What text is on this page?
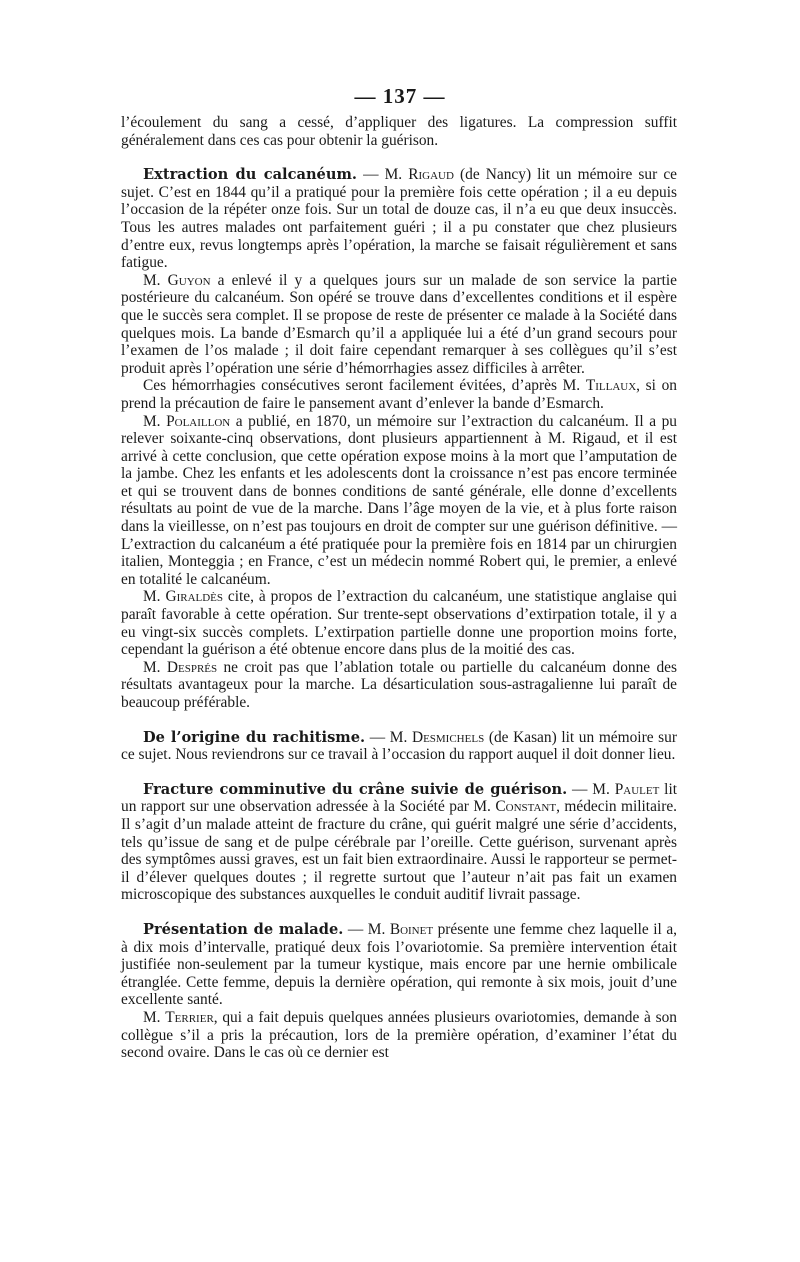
— 137 —

l’écoulement du sang a cessé, d’appliquer des ligatures. La compression suffit généralement dans ces cas pour obtenir la guérison.

Extraction du calcanéum. — M. Rigaud (de Nancy) lit un mémoire sur ce sujet. C’est en 1844 qu’il a pratiqué pour la première fois cette opération ; il a eu depuis l’occasion de la répéter onze fois. Sur un total de douze cas, il n’a eu que deux insuccès. Tous les autres malades ont parfaitement guéri ; il a pu constater que chez plusieurs d’entre eux, revus longtemps après l’opération, la marche se faisait régulièrement et sans fatigue.

M. Guyon a enlevé il y a quelques jours sur un malade de son service la partie postérieure du calcanéum. Son opéré se trouve dans d’excellentes conditions et il espère que le succès sera complet. Il se propose de reste de présenter ce malade à la Société dans quelques mois. La bande d’Esmarch qu’il a appliquée lui a été d’un grand secours pour l’examen de l’os malade ; il doit faire cependant remarquer à ses collègues qu’il s’est produit après l’opération une série d’hémorrhagies assez difficiles à arrêter.

Ces hémorrhagies consécutives seront facilement évitées, d’après M. Tillaux, si on prend la précaution de faire le pansement avant d’enlever la bande d’Esmarch.

M. Polaillon a publié, en 1870, un mémoire sur l’extraction du calcanéum. Il a pu relever soixante-cinq observations, dont plusieurs appartiennent à M. Rigaud, et il est arrivé à cette conclusion, que cette opération expose moins à la mort que l’amputation de la jambe. Chez les enfants et les adolescents dont la croissance n’est pas encore terminée et qui se trouvent dans de bonnes conditions de santé générale, elle donne d’excellents résultats au point de vue de la marche. Dans l’âge moyen de la vie, et à plus forte raison dans la vieillesse, on n’est pas toujours en droit de compter sur une guérison définitive. — L’extraction du calcanéum a été pratiquée pour la première fois en 1814 par un chirurgien italien, Monteggia ; en France, c’est un médecin nommé Robert qui, le premier, a enlevé en totalité le calcanéum.

M. Giraldès cite, à propos de l’extraction du calcanéum, une statistique anglaise qui paraît favorable à cette opération. Sur trente-sept observations d’extirpation totale, il y a eu vingt-six succès complets. L’extirpation partielle donne une proportion moins forte, cependant la guérison a été obtenue encore dans plus de la moitié des cas.

M. Després ne croit pas que l’ablation totale ou partielle du calcanéum donne des résultats avantageux pour la marche. La désarticulation sous-astragalienne lui paraît de beaucoup préférable.

De l’origine du rachitisme. — M. Desmichels (de Kasan) lit un mémoire sur ce sujet. Nous reviendrons sur ce travail à l’occasion du rapport auquel il doit donner lieu.

Fracture comminutive du crâne suivie de guérison. — M. Paulet lit un rapport sur une observation adressée à la Société par M. Constant, médecin militaire. Il s’agit d’un malade atteint de fracture du crâne, qui guérit malgré une série d’accidents, tels qu’issue de sang et de pulpe cérébrale par l’oreille. Cette guérison, survenant après des symptômes aussi graves, est un fait bien extraordinaire. Aussi le rapporteur se permet-il d’élever quelques doutes ; il regrette surtout que l’auteur n’ait pas fait un examen microscopique des substances auxquelles le conduit auditif livrait passage.

Présentation de malade. — M. Boinet présente une femme chez laquelle il a, à dix mois d’intervalle, pratiqué deux fois l’ovariotomie. Sa première intervention était justifiée non-seulement par la tumeur kystique, mais encore par une hernie ombilicale étranglée. Cette femme, depuis la dernière opération, qui remonte à six mois, jouit d’une excellente santé.

M. Terrier, qui a fait depuis quelques années plusieurs ovariotomies, demande à son collègue s’il a pris la précaution, lors de la première opération, d’examiner l’état du second ovaire. Dans le cas où ce dernier est
